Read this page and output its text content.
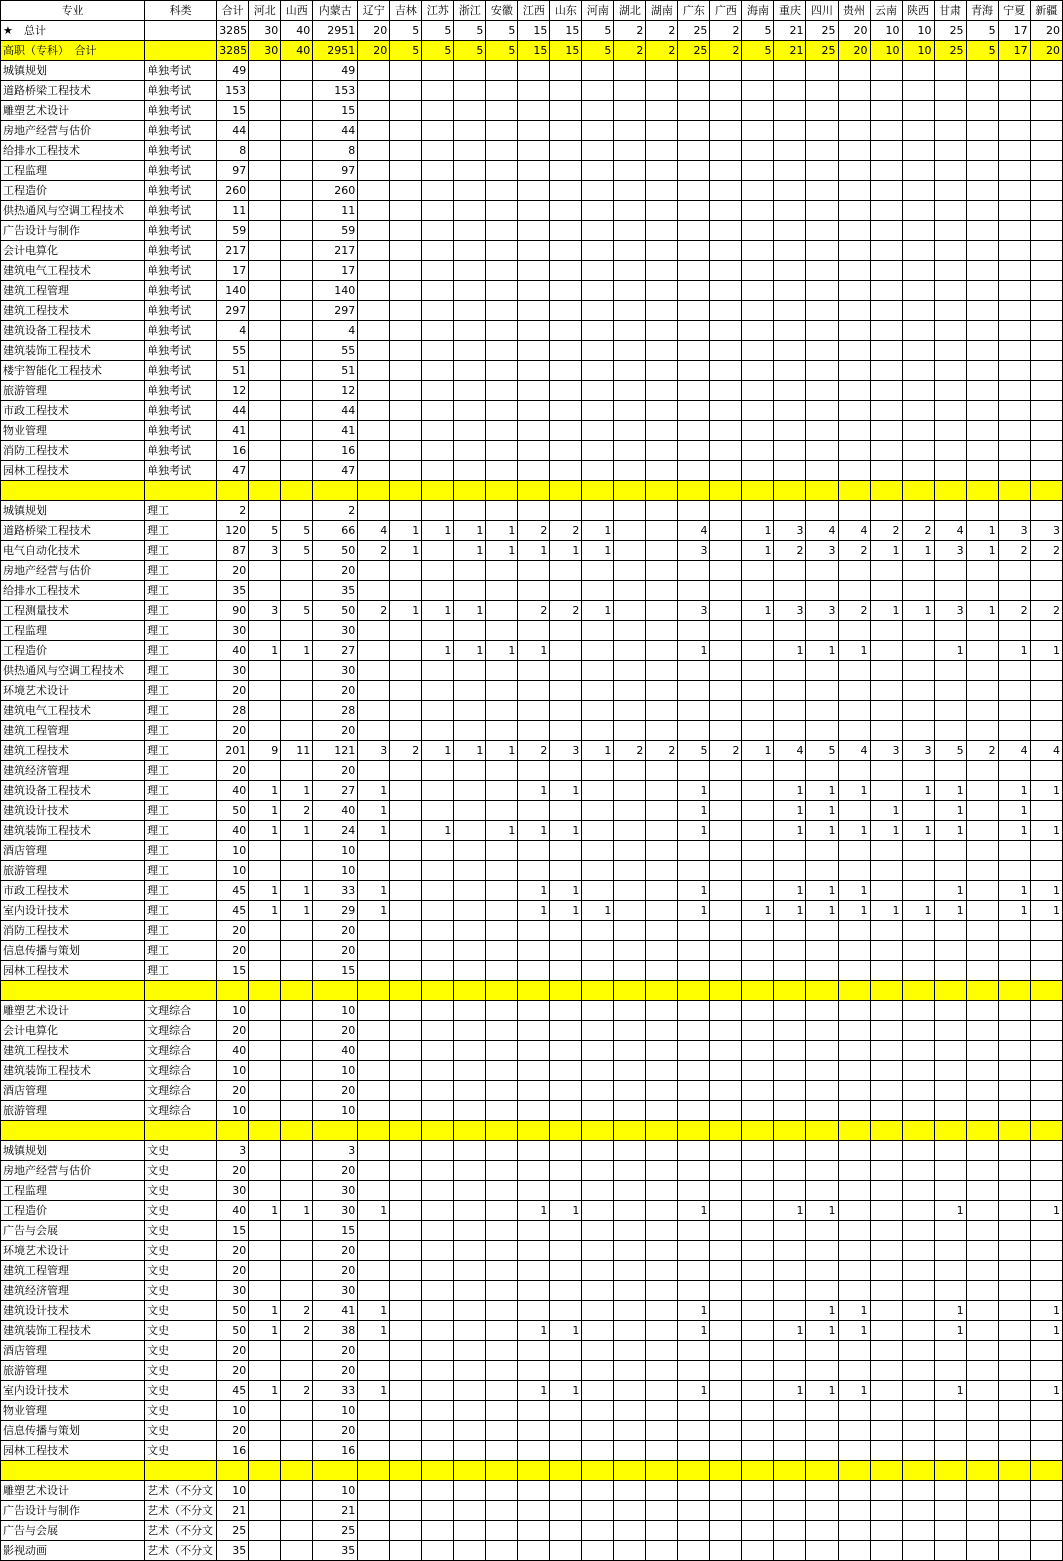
专业	科类	合计	河北	山西	内蒙古	辽宁	吉林	江苏	浙江	安徽	江西	山东	河南	湖北	湖南	广东	广西	海南	重庆	四川	贵州	云南	陕西	甘肃	青海	宁夏	新疆
★　总计		3285	30	40	2951	20	5	5	5	5	15	15	5	2	2	25	2	5	21	25	20	10	10	25	5	17	20
高职（专科）　合计		3285	30	40	2951	20	5	5	5	5	15	15	5	2	2	25	2	5	21	25	20	10	10	25	5	17	20
城镇规划	单独考试	49			49																						
道路桥梁工程技术	单独考试	153			153																						
雕塑艺术设计	单独考试	15			15																						
房地产经营与估价	单独考试	44			44																						
给排水工程技术	单独考试	8			8																						
工程监理	单独考试	97			97																						
工程造价	单独考试	260			260																						
供热通风与空调工程技术	单独考试	11			11																						
广告设计与制作	单独考试	59			59																						
会计电算化	单独考试	217			217																						
建筑电气工程技术	单独考试	17			17																						
建筑工程管理	单独考试	140			140																						
建筑工程技术	单独考试	297			297																						
建筑设备工程技术	单独考试	4			4																						
建筑装饰工程技术	单独考试	55			55																						
楼宇智能化工程技术	单独考试	51			51																						
旅游管理	单独考试	12			12																						
市政工程技术	单独考试	44			44																						
物业管理	单独考试	41			41																						
消防工程技术	单独考试	16			16																						
园林工程技术	单独考试	47			47																						

城镇规划	理工	2			2																						
道路桥梁工程技术	理工	120	5	5	66	4	1	1	1	1	2	2	1			4		1	3	4	4	2	2	4	1	3	3
电气自动化技术	理工	87	3	5	50	2	1		1	1	1	1	1			3		1	2	3	2	1	1	3	1	2	2
房地产经营与估价	理工	20			20																						
给排水工程技术	理工	35			35																						
工程测量技术	理工	90	3	5	50	2	1	1	1		2	2	1			3		1	3	3	2	1	1	3	1	2	2
工程监理	理工	30			30																						
工程造价	理工	40	1	1	27			1	1	1	1					1			1	1	1			1		1	1
供热通风与空调工程技术	理工	30			30																						
环境艺术设计	理工	20			20																						
建筑电气工程技术	理工	28			28																						
建筑工程管理	理工	20			20																						
建筑工程技术	理工	201	9	11	121	3	2	1	1	1	2	3	1	2	2	5	2	1	4	5	4	3	3	5	2	4	4
建筑经济管理	理工	20			20																						
建筑设备工程技术	理工	40	1	1	27	1					1	1				1			1	1	1		1	1		1	1
建筑设计技术	理工	50	1	2	40	1										1			1	1		1		1		1	
建筑装饰工程技术	理工	40	1	1	24	1		1		1	1	1				1			1	1	1	1	1	1		1	1
酒店管理	理工	10			10																						
旅游管理	理工	10			10																						
市政工程技术	理工	45	1	1	33	1					1	1				1			1	1	1			1		1	1
室内设计技术	理工	45	1	1	29	1					1	1	1			1		1	1	1	1	1	1	1		1	1
消防工程技术	理工	20			20																						
信息传播与策划	理工	20			20																						
园林工程技术	理工	15			15																						

雕塑艺术设计	文理综合	10			10																						
会计电算化	文理综合	20			20																						
建筑工程技术	文理综合	40			40																						
建筑装饰工程技术	文理综合	10			10																						
酒店管理	文理综合	20			20																						
旅游管理	文理综合	10			10																						

城镇规划	文史	3			3																						
房地产经营与估价	文史	20			20																						
工程监理	文史	30			30																						
工程造价	文史	40	1	1	30	1					1	1				1			1	1				1			1
广告与会展	文史	15			15																						
环境艺术设计	文史	20			20																						
建筑工程管理	文史	20			20																						
建筑经济管理	文史	30			30																						
建筑设计技术	文史	50	1	2	41	1										1				1	1			1			1
建筑装饰工程技术	文史	50	1	2	38	1					1	1				1			1	1	1			1			1
酒店管理	文史	20			20																						
旅游管理	文史	20			20																						
室内设计技术	文史	45	1	2	33	1					1	1				1			1	1	1			1			1
物业管理	文史	10			10																						
信息传播与策划	文史	20			20																						
园林工程技术	文史	16			16																						

雕塑艺术设计	艺术（不分文	10			10																						
广告设计与制作	艺术（不分文	21			21																						
广告与会展	艺术（不分文	25			25																						
影视动画	艺术（不分文	35			35																						
